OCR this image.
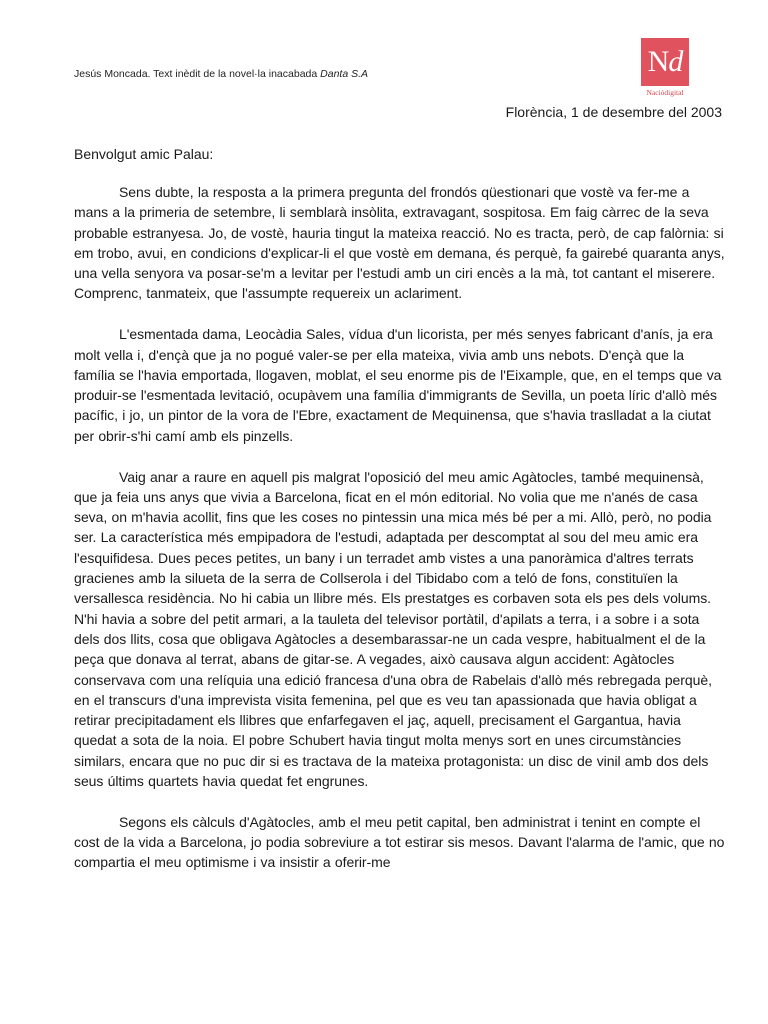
Jesús Moncada. Text inèdit de la novel·la inacabada Danta S.A	Nd
Naciódigital
Florència, 1 de desembre del 2003
Benvolgut amic Palau:

Sens dubte, la resposta a la primera pregunta del frondós qüestionari que vostè va fer-me a mans a la primeria de setembre, li semblarà insòlita, extravagant, sospitosa. Em faig càrrec de la seva probable estranyesa. Jo, de vostè, hauria tingut la mateixa reacció. No es tracta, però, de cap falòrnia: si em trobo, avui, en condicions d'explicar-li el que vostè em demana, és perquè, fa gairebé quaranta anys, una vella senyora va posar-se'm a levitar per l'estudi amb un ciri encès a la mà, tot cantant el miserere. Comprenc, tanmateix, que l'assumpte requereix un aclariment.

L'esmentada dama, Leocàdia Sales, vídua d'un licorista, per més senyes fabricant d'anís, ja era molt vella i, d'ençà que ja no pogué valer-se per ella mateixa, vivia amb uns nebots. D'ençà que la família se l'havia emportada, llogaven, moblat, el seu enorme pis de l'Eixample, que, en el temps que va produir-se l'esmentada levitació, ocupàvem una família d'immigrants de Sevilla, un poeta líric d'allò més pacífic, i jo, un pintor de la vora de l'Ebre, exactament de Mequinensa, que s'havia traslladat a la ciutat per obrir-s'hi camí amb els pinzells.

Vaig anar a raure en aquell pis malgrat l'oposició del meu amic Agàtocles, també mequinensà, que ja feia uns anys que vivia a Barcelona, ficat en el món editorial. No volia que me n'anés de casa seva, on m'havia acollit, fins que les coses no pintessin una mica més bé per a mi. Allò, però, no podia ser. La característica més empipadora de l'estudi, adaptada per descomptat al sou del meu amic era l'esquifidesa. Dues peces petites, un bany i un terradet amb vistes a una panoràmica d'altres terrats gracienes amb la silueta de la serra de Collserola i del Tibidabo com a teló de fons, constituïen la versallesca residència. No hi cabia un llibre més. Els prestatges es corbaven sota els pes dels volums. N'hi havia a sobre del petit armari, a la tauleta del televisor portàtil, d'apilats a terra, i a sobre i a sota dels dos llits, cosa que obligava Agàtocles a desembarassar-ne un cada vespre, habitualment el de la peça que donava al terrat, abans de gitar-se. A vegades, això causava algun accident: Agàtocles conservava com una relíquia una edició francesa d'una obra de Rabelais d'allò més rebregada perquè, en el transcurs d'una imprevista visita femenina, pel que es veu tan apassionada que havia obligat a retirar precipitadament els llibres que enfarfegaven el jaç, aquell, precisament el Gargantua, havia quedat a sota de la noia. El pobre Schubert havia tingut molta menys sort en unes circumstàncies similars, encara que no puc dir si es tractava de la mateixa protagonista: un disc de vinil amb dos dels seus últims quartets havia quedat fet engrunes.

Segons els càlculs d'Agàtocles, amb el meu petit capital, ben administrat i tenint en compte el cost de la vida a Barcelona, jo podia sobreviure a tot estirar sis mesos. Davant l'alarma de l'amic, que no compartia el meu optimisme i va insistir a oferir-me
